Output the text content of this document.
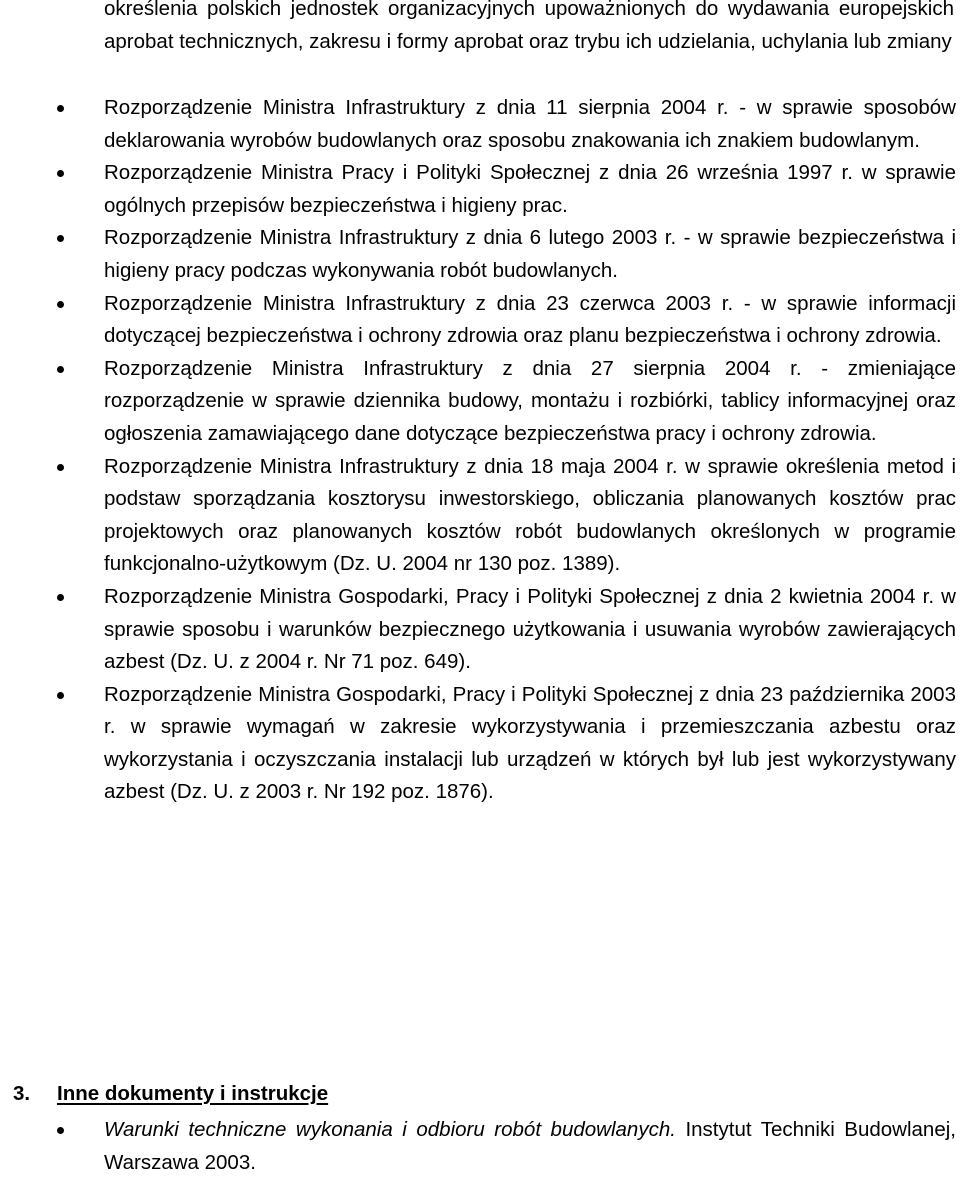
określenia polskich jednostek organizacyjnych upoważnionych do wydawania europejskich aprobat technicznych, zakresu i formy aprobat oraz trybu ich udzielania, uchylania lub zmiany
Rozporządzenie Ministra Infrastruktury z dnia 11 sierpnia 2004 r. - w sprawie sposobów deklarowania wyrobów budowlanych oraz sposobu znakowania ich znakiem budowlanym.
Rozporządzenie Ministra Pracy i Polityki Społecznej z dnia 26 września 1997 r. w sprawie ogólnych przepisów bezpieczeństwa i higieny prac.
Rozporządzenie Ministra Infrastruktury z dnia 6 lutego 2003 r. - w sprawie bezpieczeństwa i higieny pracy podczas wykonywania robót budowlanych.
Rozporządzenie Ministra Infrastruktury z dnia 23 czerwca 2003 r. - w sprawie informacji dotyczącej bezpieczeństwa i ochrony zdrowia oraz planu bezpieczeństwa i ochrony zdrowia.
Rozporządzenie Ministra Infrastruktury z dnia 27 sierpnia 2004 r. - zmieniające rozporządzenie w sprawie dziennika budowy, montażu i rozbiórki, tablicy informacyjnej oraz ogłoszenia zamawiającego dane dotyczące bezpieczeństwa pracy i ochrony zdrowia.
Rozporządzenie Ministra Infrastruktury z dnia 18 maja 2004 r. w sprawie określenia metod i podstaw sporządzania kosztorysu inwestorskiego, obliczania planowanych kosztów prac projektowych oraz planowanych kosztów robót budowlanych określonych w programie funkcjonalno-użytkowym (Dz. U. 2004 nr 130 poz. 1389).
Rozporządzenie Ministra Gospodarki, Pracy i Polityki Społecznej z dnia 2 kwietnia 2004 r. w sprawie sposobu i warunków bezpiecznego użytkowania i usuwania wyrobów zawierających azbest (Dz. U. z 2004 r. Nr 71 poz. 649).
Rozporządzenie Ministra Gospodarki, Pracy i Polityki Społecznej z dnia 23 października 2003 r. w sprawie wymagań w zakresie wykorzystywania i przemieszczania azbestu oraz wykorzystania i oczyszczania instalacji lub urządzeń w których był lub jest wykorzystywany azbest (Dz. U. z 2003 r. Nr 192 poz. 1876).
3. Inne dokumenty i instrukcje
Warunki techniczne wykonania i odbioru robót budowlanych. Instytut Techniki Budowlanej, Warszawa 2003.
